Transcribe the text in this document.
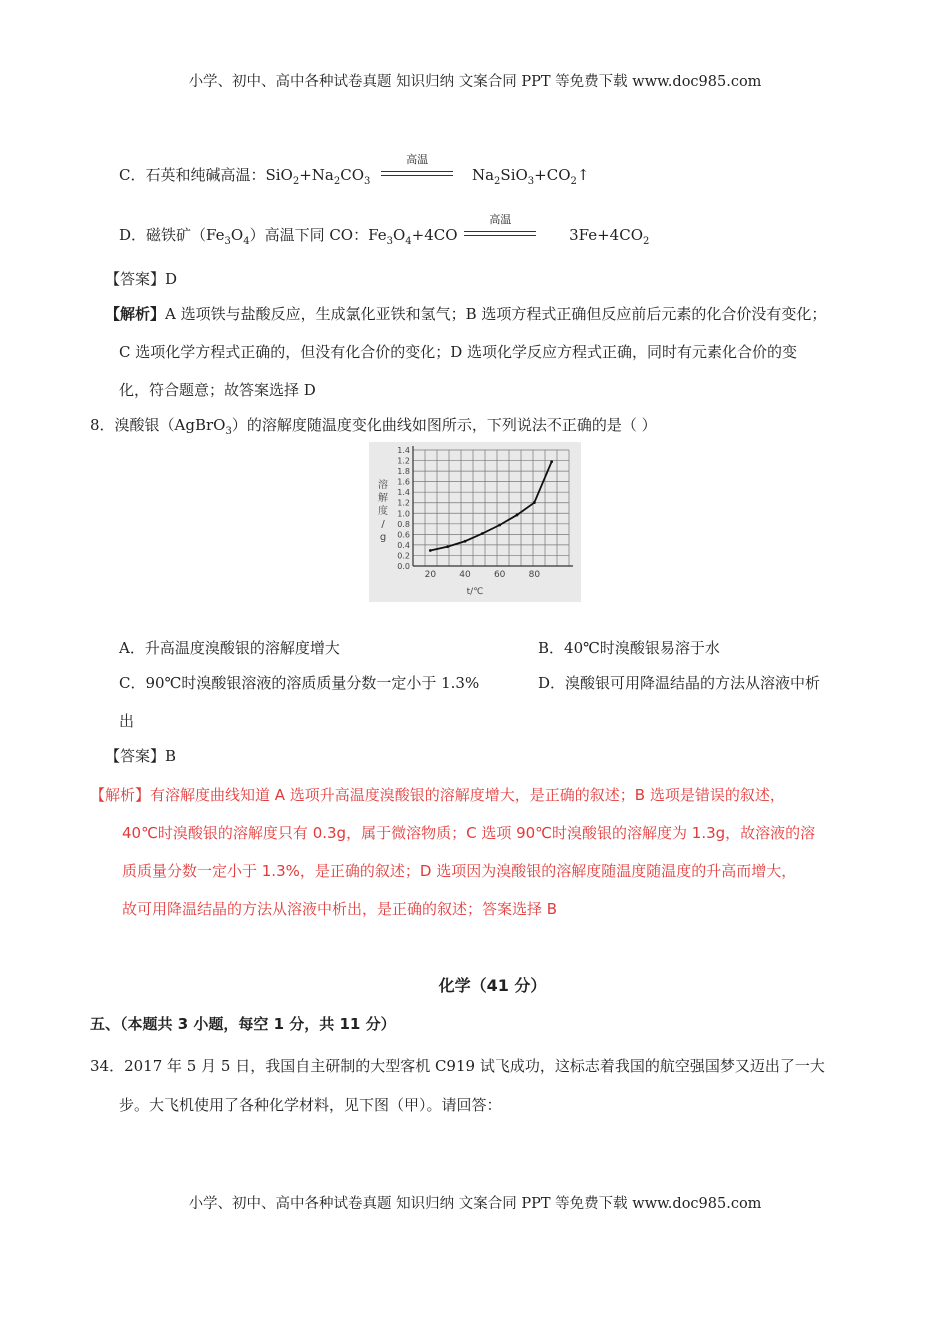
小学、初中、高中各种试卷真题 知识归纳 文案合同 PPT 等免费下载 www.doc985.com
C．石英和纯碱高温：$SiO_2+Na_2CO_3$
高温
$Na_2SiO_3+CO_2↑$
D．磁铁矿$(Fe_3O_4)$高温下同 CO：$Fe_3O_4+4CO$
高温
$3Fe+4CO_2$
【答案】D
【解析】A 选项铁与盐酸反应，生成氯化亚铁和氢气；B 选项方程式正确但反应前后元素的化合价没有变化；
C 选项化学方程式正确的，但没有化合价的变化；D 选项化学反应方程式正确，同时有元素化合价的变
化，符合题意；故答案选择 D
8．溴酸银（AgBrO$_3$）的溶解度随温度变化曲线如图所示，下列说法不正确的是（ ）
0.0
0.2
0.4
0.6
0.8
1.0
1.2
1.4
1.6
1.8
1.2
1.4
20	40	60	80
t/℃
溶
解
度
/
g
A．升高温度溴酸银的溶解度增大	B．40℃时溴酸银易溶于水
C．90℃时溴酸银溶液的溶质质量分数一定小于 1.3%	D．溴酸银可用降温结晶的方法从溶液中析
出
【答案】B
【解析】有溶解度曲线知道 A 选项升高温度溴酸银的溶解度增大，是正确的叙述；B 选项是错误的叙述，
40℃时溴酸银的溶解度只有 0.3g，属于微溶物质；C 选项 90℃时溴酸银的溶解度为 1.3g，故溶液的溶
质质量分数一定小于 1.3%，是正确的叙述；D 选项因为溴酸银的溶解度随温度随温度的升高而增大，
故可用降温结晶的方法从溶液中析出，是正确的叙述；答案选择 B
化学（41 分）
五、（本题共 3 小题，每空 1 分，共 11 分）
34．2017 年 5 月 5 日，我国自主研制的大型客机 C919 试飞成功，这标志着我国的航空强国梦又迈出了一大
步。大飞机使用了各种化学材料，见下图（甲）。请回答：
小学、初中、高中各种试卷真题 知识归纳 文案合同 PPT 等免费下载 www.doc985.com
